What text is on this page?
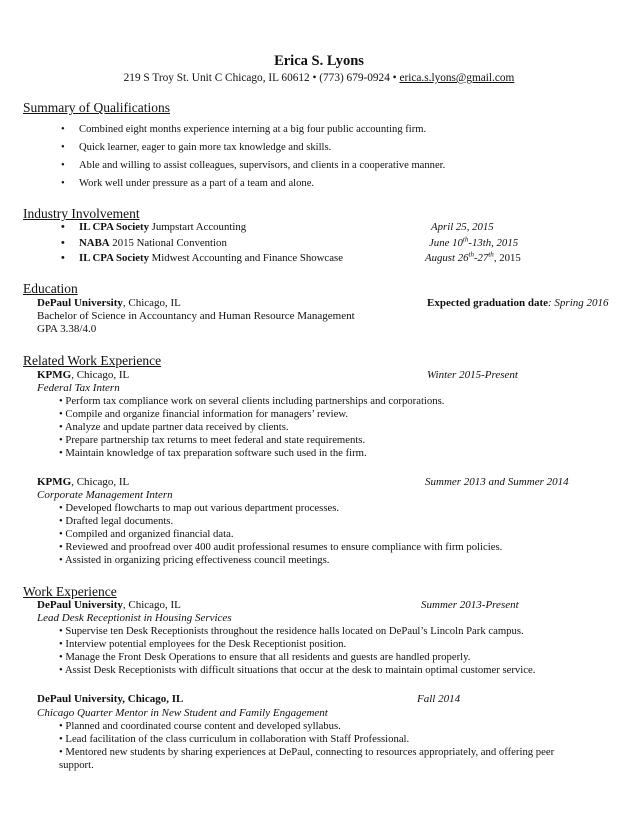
Erica S. Lyons
219 S Troy St. Unit C Chicago, IL 60612 • (773) 679-0924 • erica.s.lyons@gmail.com
Summary of Qualifications
• Combined eight months experience interning at a big four public accounting firm.
• Quick learner, eager to gain more tax knowledge and skills.
• Able and willing to assist colleagues, supervisors, and clients in a cooperative manner.
• Work well under pressure as a part of a team and alone.
Industry Involvement
• IL CPA Society Jumpstart Accounting	April 25, 2015
• NABA 2015 National Convention	June 10th-13th, 2015
• IL CPA Society Midwest Accounting and Finance Showcase	August 26th-27th, 2015
Education
DePaul University, Chicago, IL	Expected graduation date: Spring 2016
Bachelor of Science in Accountancy and Human Resource Management
GPA 3.38/4.0
Related Work Experience
KPMG, Chicago, IL	Winter 2015-Present
Federal Tax Intern
• Perform tax compliance work on several clients including partnerships and corporations.
• Compile and organize financial information for managers’ review.
• Analyze and update partner data received by clients.
• Prepare partnership tax returns to meet federal and state requirements.
• Maintain knowledge of tax preparation software such used in the firm.
KPMG, Chicago, IL	Summer 2013 and Summer 2014
Corporate Management Intern
• Developed flowcharts to map out various department processes.
• Drafted legal documents.
• Compiled and organized financial data.
• Reviewed and proofread over 400 audit professional resumes to ensure compliance with firm policies.
• Assisted in organizing pricing effectiveness council meetings.
Work Experience
DePaul University, Chicago, IL	Summer 2013-Present
Lead Desk Receptionist in Housing Services
• Supervise ten Desk Receptionists throughout the residence halls located on DePaul’s Lincoln Park campus.
• Interview potential employees for the Desk Receptionist position.
• Manage the Front Desk Operations to ensure that all residents and guests are handled properly.
• Assist Desk Receptionists with difficult situations that occur at the desk to maintain optimal customer service.
DePaul University, Chicago, IL	Fall 2014
Chicago Quarter Mentor in New Student and Family Engagement
• Planned and coordinated course content and developed syllabus.
• Lead facilitation of the class curriculum in collaboration with Staff Professional.
• Mentored new students by sharing experiences at DePaul, connecting to resources appropriately, and offering peer
support.
